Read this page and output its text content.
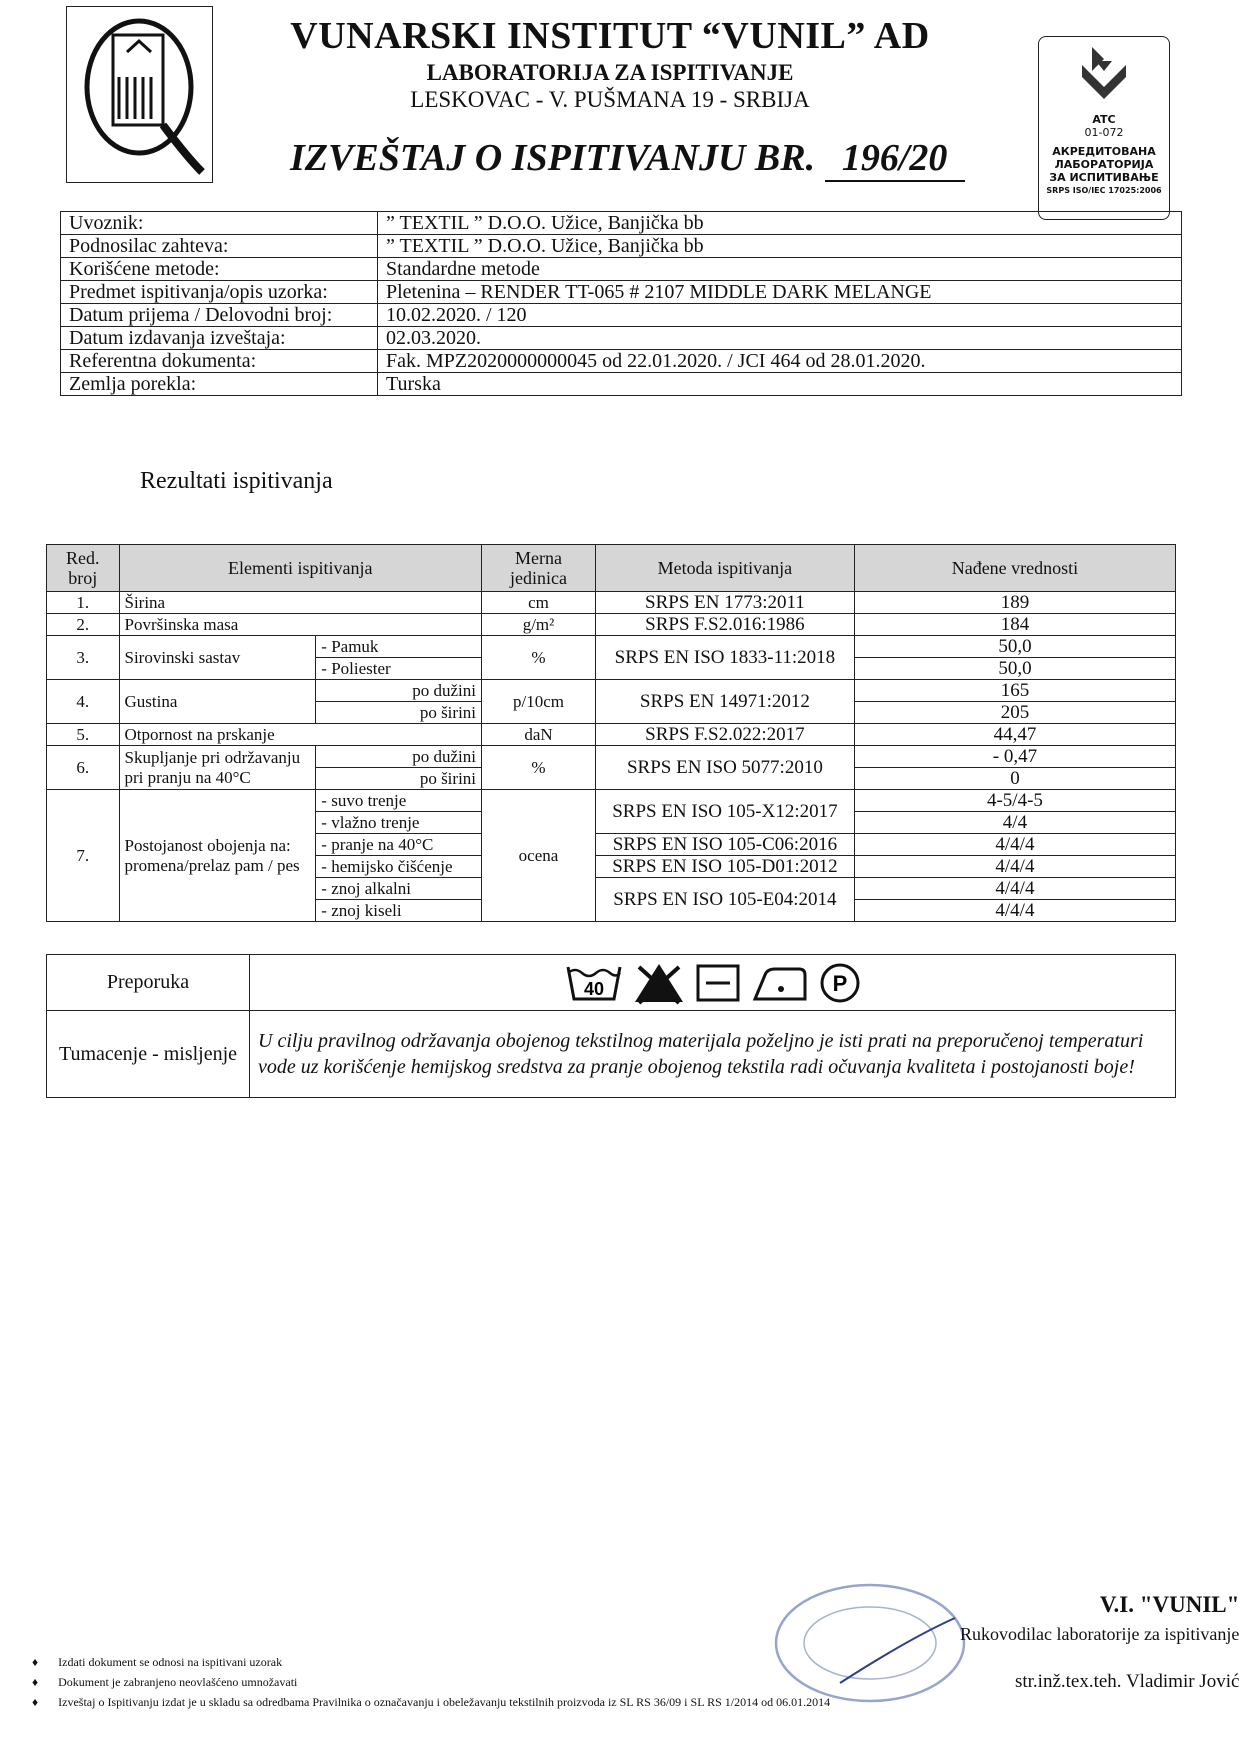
VUNARSKI INSTITUT “VUNIL” AD
LABORATORIJA ZA ISPITIVANJE
LESKOVAC - V. PUŠMANA 19 - SRBIJA
IZVEŠTAJ O ISPITIVANJU BR. 196/20
ATC
01-072
АКРЕДИТОВАНА
ЛАБОРАТОРИЈА
ЗА ИСПИТИВАЊЕ
SRPS ISO/IEC 17025:2006
Uvoznik:	” TEXTIL ” D.O.O. Užice, Banjička bb
Podnosilac zahteva:	” TEXTIL ” D.O.O. Užice, Banjička bb
Korišćene metode:	Standardne metode
Predmet ispitivanja/opis uzorka:	Pletenina – RENDER TT-065 # 2107 MIDDLE DARK MELANGE
Datum prijema / Delovodni broj:	10.02.2020. / 120
Datum izdavanja izveštaja:	02.03.2020.
Referentna dokumenta:	Fak. MPZ2020000000045 od 22.01.2020. / JCI 464 od 28.01.2020.
Zemlja porekla:	Turska
Rezultati ispitivanja
Red. broj	Elementi ispitivanja		Merna jedinica	Metoda ispitivanja	Nađene vrednosti
1.	Širina		cm	SRPS EN 1773:2011	189
2.	Površinska masa		g/m²	SRPS F.S2.016:1986	184
3.	Sirovinski sastav	- Pamuk	%	SRPS EN ISO 1833-11:2018	50,0
		- Poliester			50,0
4.	Gustina	po dužini	p/10cm	SRPS EN 14971:2012	165
		po širini			205
5.	Otpornost na prskanje		daN	SRPS F.S2.022:2017	44,47
6.	Skupljanje pri održavanju pri pranju na 40°C	po dužini	%	SRPS EN ISO 5077:2010	- 0,47
		po širini			0
7.	Postojanost obojenja na: promena/prelaz pam / pes	- suvo trenje	ocena	SRPS EN ISO 105-X12:2017	4-5/4-5
		- vlažno trenje			4/4
		- pranje na 40°C		SRPS EN ISO 105-C06:2016	4/4/4
		- hemijsko čišćenje		SRPS EN ISO 105-D01:2012	4/4/4
		- znoj alkalni		SRPS EN ISO 105-E04:2014	4/4/4
		- znoj kiseli			4/4/4
Preporuka	40 P

Tumacenje - misljenje	U cilju pravilnog održavanja obojenog tekstilnog materijala poželjno je isti prati na preporučenoj temperaturi vode uz korišćenje hemijskog sredstva za pranje obojenog tekstila radi očuvanja kvaliteta i postojanosti boje!
V.I. "VUNIL"
Rukovodilac laboratorije za ispitivanje
str.inž.tex.teh. Vladimir Jović
♦ Izdati dokument se odnosi na ispitivani uzorak
♦ Dokument je zabranjeno neovlašćeno umnožavati
♦ Izveštaj o Ispitivanju izdat je u skladu sa odredbama Pravilnika o označavanju i obeležavanju tekstilnih proizvoda iz SL RS 36/09 i SL RS 1/2014 od 06.01.2014
